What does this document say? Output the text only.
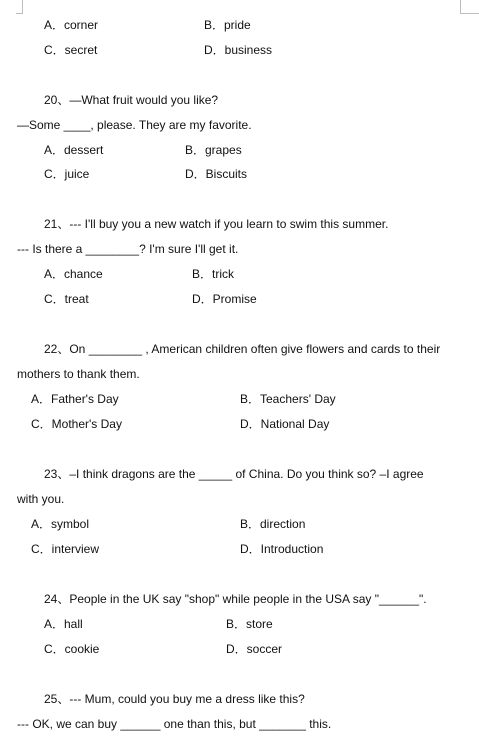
A．corner	B．pride
C．secret	D．business
20、—What fruit would you like?
—Some ____, please. They are my favorite.
A．dessert	B．grapes
C．juice	D．Biscuits
21、--- I'll buy you a new watch if you learn to swim this summer.
--- Is there a ________? I'm sure I'll get it.
A．chance	B．trick
C．treat	D．Promise
22、On ________ , American children often give flowers and cards to their
mothers to thank them.
A．Father's Day	B．Teachers' Day
C．Mother's Day	D．National Day
23、–I think dragons are the _____ of China. Do you think so? –I agree
with you.
A．symbol	B．direction
C．interview	D．Introduction
24、People in the UK say "shop" while people in the USA say "______".
A．hall	B．store
C．cookie	D．soccer
25、--- Mum, could you buy me a dress like this?
--- OK, we can buy ______ one than this, but _______ this.
